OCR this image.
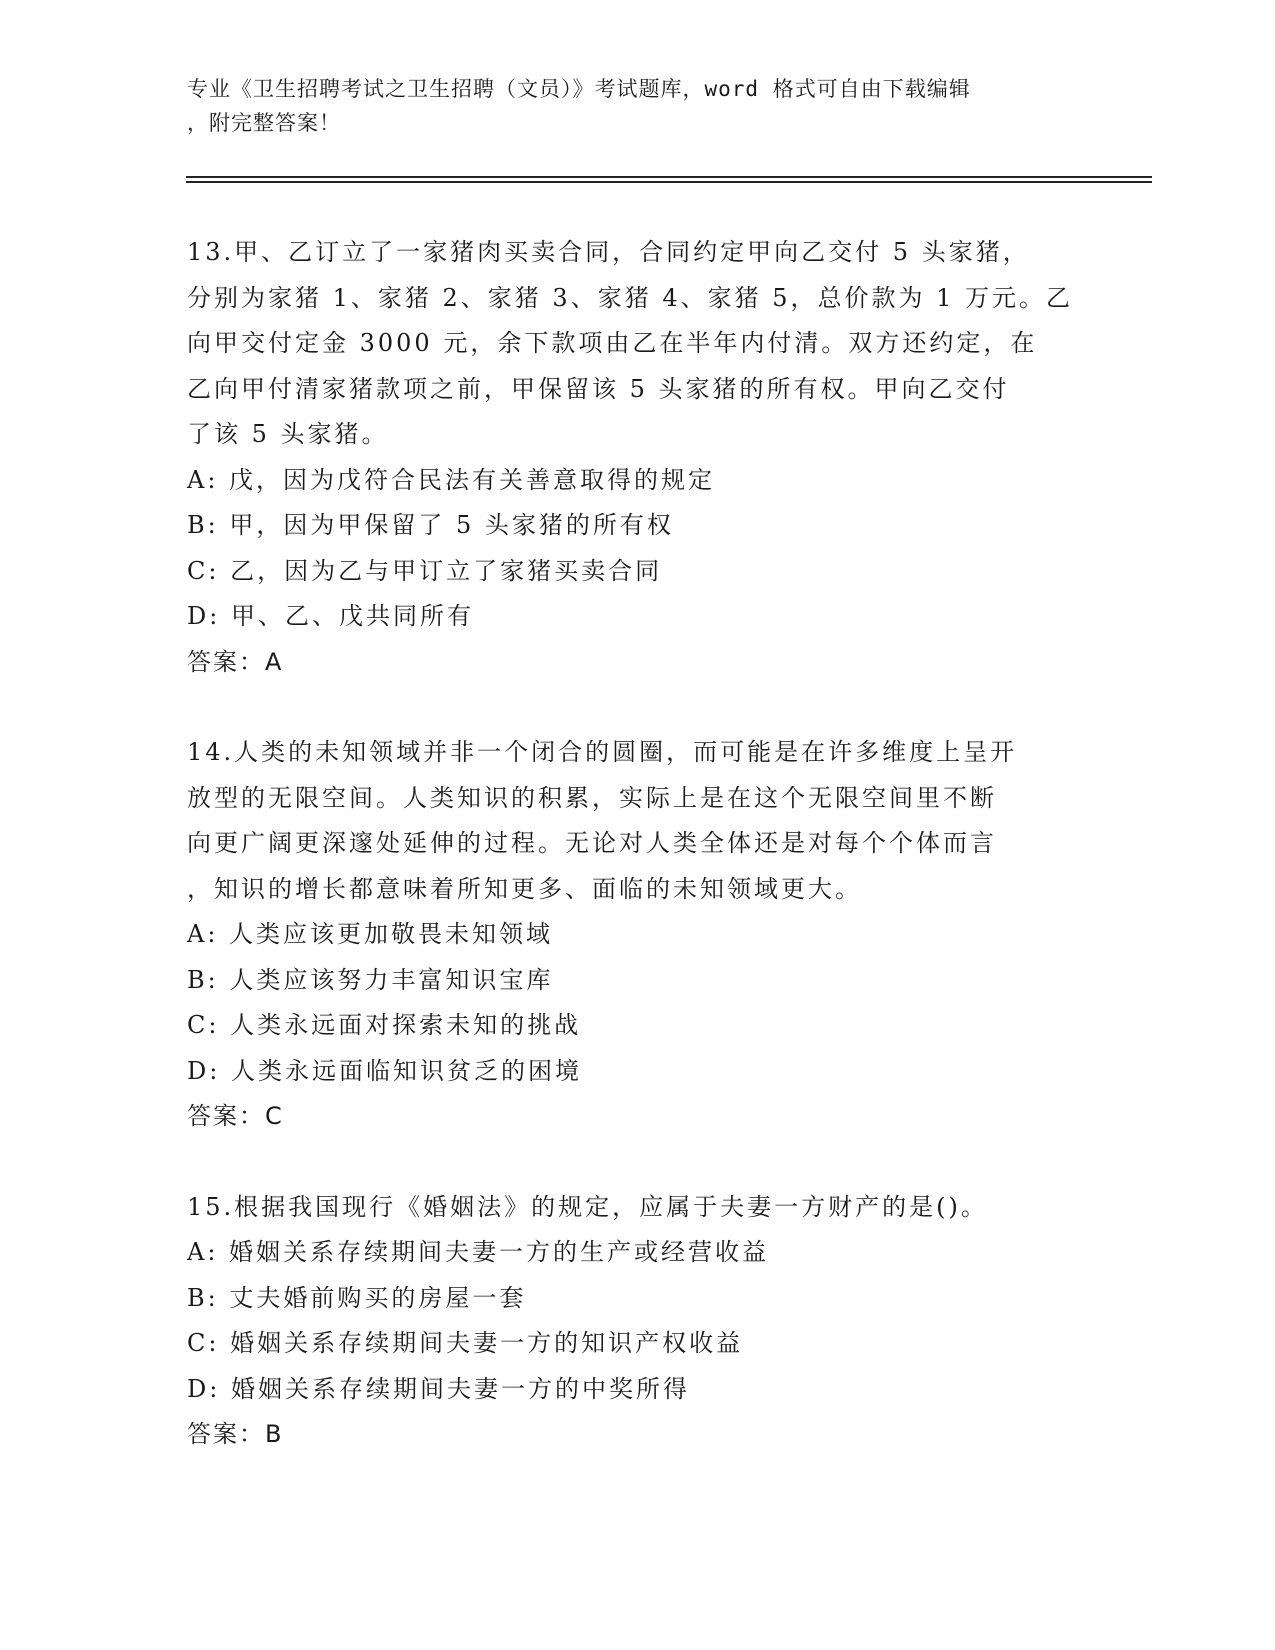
专业《卫生招聘考试之卫生招聘（文员）》考试题库，word 格式可自由下载编辑

，附完整答案！

13.甲、乙订立了一家猪肉买卖合同，合同约定甲向乙交付 5 头家猪，

分别为家猪 1、家猪 2、家猪 3、家猪 4、家猪 5，总价款为 1 万元。乙

向甲交付定金 3000 元，余下款项由乙在半年内付清。双方还约定，在

乙向甲付清家猪款项之前，甲保留该 5 头家猪的所有权。甲向乙交付

了该 5 头家猪。

A: 戊，因为戊符合民法有关善意取得的规定

B: 甲，因为甲保留了 5 头家猪的所有权

C: 乙，因为乙与甲订立了家猪买卖合同

D: 甲、乙、戊共同所有

答案：A

14.人类的未知领域并非一个闭合的圆圈，而可能是在许多维度上呈开

放型的无限空间。人类知识的积累，实际上是在这个无限空间里不断

向更广阔更深邃处延伸的过程。无论对人类全体还是对每个个体而言

，知识的增长都意味着所知更多、面临的未知领域更大。

A: 人类应该更加敬畏未知领域

B: 人类应该努力丰富知识宝库

C: 人类永远面对探索未知的挑战

D: 人类永远面临知识贫乏的困境

答案：C

15.根据我国现行《婚姻法》的规定，应属于夫妻一方财产的是()。

A: 婚姻关系存续期间夫妻一方的生产或经营收益

B: 丈夫婚前购买的房屋一套

C: 婚姻关系存续期间夫妻一方的知识产权收益

D: 婚姻关系存续期间夫妻一方的中奖所得

答案：B
